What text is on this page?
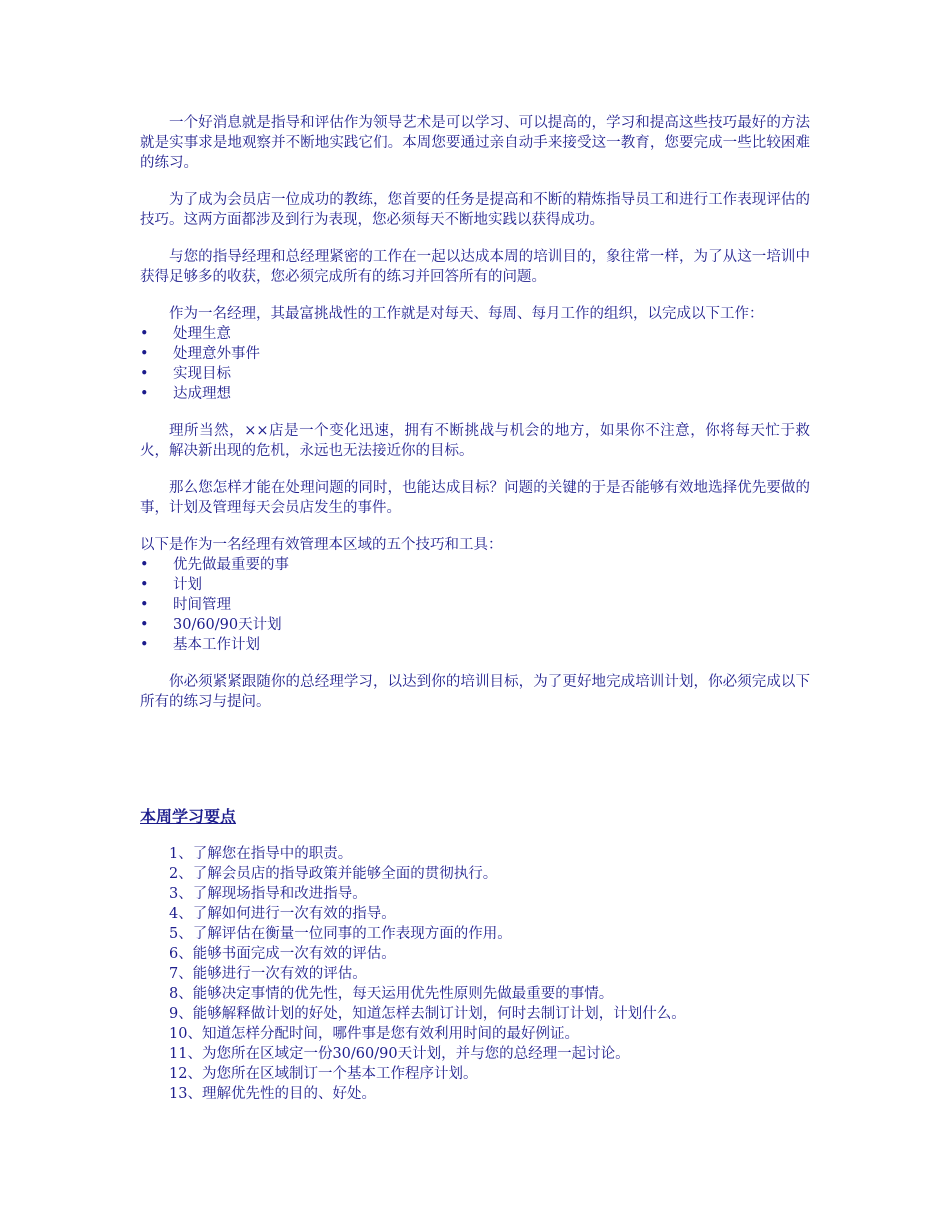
一个好消息就是指导和评估作为领导艺术是可以学习、可以提高的，学习和提高这些技巧最好的方法就是实事求是地观察并不断地实践它们。本周您要通过亲自动手来接受这一教育，您要完成一些比较困难的练习。

为了成为会员店一位成功的教练，您首要的任务是提高和不断的精炼指导员工和进行工作表现评估的技巧。这两方面都涉及到行为表现，您必须每天不断地实践以获得成功。

与您的指导经理和总经理紧密的工作在一起以达成本周的培训目的，象往常一样，为了从这一培训中获得足够多的收获，您必须完成所有的练习并回答所有的问题。

作为一名经理，其最富挑战性的工作就是对每天、每周、每月工作的组织，以完成以下工作：

• 处理生意
• 处理意外事件
• 实现目标
• 达成理想

理所当然，××店是一个变化迅速，拥有不断挑战与机会的地方，如果你不注意，你将每天忙于救火，解决新出现的危机，永远也无法接近你的目标。

那么您怎样才能在处理问题的同时，也能达成目标？问题的关键的于是否能够有效地选择优先要做的事，计划及管理每天会员店发生的事件。

以下是作为一名经理有效管理本区域的五个技巧和工具：

• 优先做最重要的事
• 计划
• 时间管理
• 30/60/90天计划
• 基本工作计划

你必须紧紧跟随你的总经理学习，以达到你的培训目标，为了更好地完成培训计划，你必须完成以下所有的练习与提问。

本周学习要点
1、了解您在指导中的职责。
2、了解会员店的指导政策并能够全面的贯彻执行。
3、了解现场指导和改进指导。
4、了解如何进行一次有效的指导。
5、了解评估在衡量一位同事的工作表现方面的作用。
6、能够书面完成一次有效的评估。
7、能够进行一次有效的评估。
8、能够决定事情的优先性，每天运用优先性原则先做最重要的事情。
9、能够解释做计划的好处，知道怎样去制订计划，何时去制订计划，计划什么。
10、知道怎样分配时间，哪件事是您有效利用时间的最好例证。
11、为您所在区域定一份30/60/90天计划，并与您的总经理一起讨论。
12、为您所在区域制订一个基本工作程序计划。
13、理解优先性的目的、好处。
